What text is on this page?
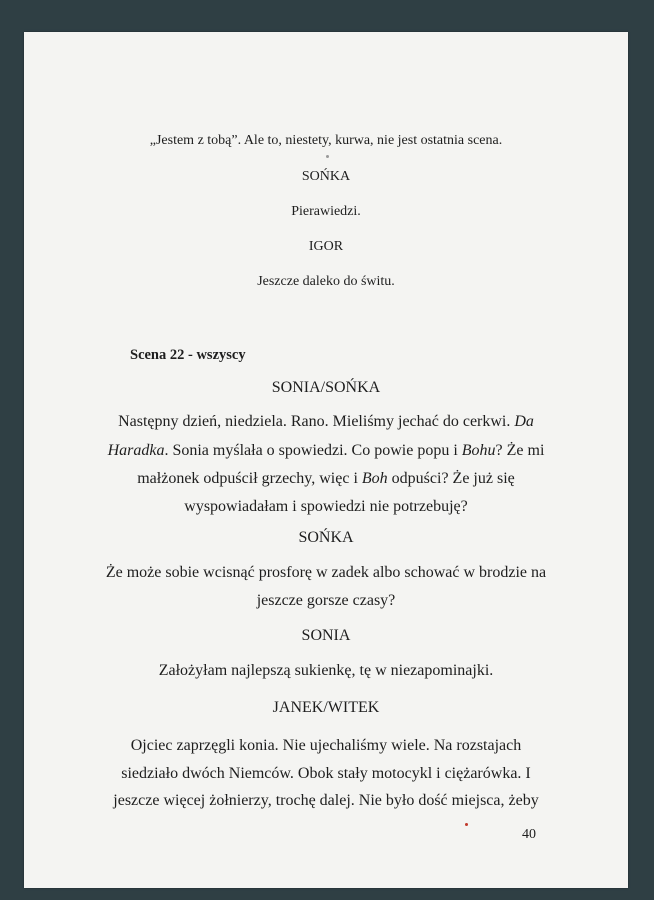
„Jestem z tobą”. Ale to, niestety, kurwa, nie jest ostatnia scena.
SOŃKA
Pierawiedzi.
IGOR
Jeszcze daleko do świtu.
Scena 22 - wszyscy
SONIA/SOŃKA
Następny dzień, niedziela. Rano. Mieliśmy jechać do cerkwi. Da
Haradka. Sonia myślała o spowiedzi. Co powie popu i Bohu? Że mi
małżonek odpuścił grzechy, więc i Boh odpuści? Że już się
wyspowiadałam i spowiedzi nie potrzebuję?
SOŃKA
Że może sobie wcisnąć prosforę w zadek albo schować w brodzie na
jeszcze gorsze czasy?
SONIA
Założyłam najlepszą sukienkę, tę w niezapominajki.
JANEK/WITEK
Ojciec zaprzęgli konia. Nie ujechaliśmy wiele. Na rozstajach
siedziało dwóch Niemców. Obok stały motocykl i ciężarówka. I
jeszcze więcej żołnierzy, trochę dalej. Nie było dość miejsca, żeby
40
